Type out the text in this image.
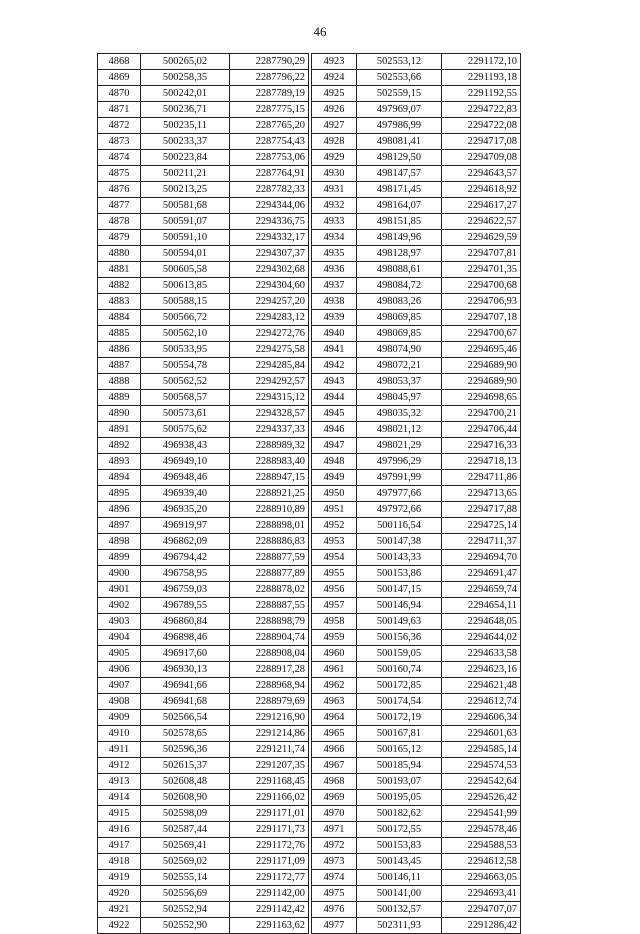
46
4868	500265,02	2287790,29
4869	500258,35	2287796,22
4870	500242,01	2287789,19
4871	500236,71	2287775,15
4872	500235,11	2287765,20
4873	500233,37	2287754,43
4874	500223,84	2287753,06
4875	500211,21	2287764,91
4876	500213,25	2287782,33
4877	500581,68	2294344,06
4878	500591,07	2294336,75
4879	500591,10	2294332,17
4880	500594,01	2294307,37
4881	500605,58	2294302,68
4882	500613,85	2294304,60
4883	500588,15	2294257,20
4884	500566,72	2294283,12
4885	500562,10	2294272,76
4886	500533,95	2294275,58
4887	500554,78	2294285,84
4888	500562,52	2294292,57
4889	500568,57	2294315,12
4890	500573,61	2294328,57
4891	500575,62	2294337,33
4892	496938,43	2288989,32
4893	496949,10	2288983,40
4894	496948,46	2288947,15
4895	496939,40	2288921,25
4896	496935,20	2288910,89
4897	496919,97	2288898,01
4898	496862,09	2288886,83
4899	496794,42	2288877,59
4900	496758,95	2288877,89
4901	496759,03	2288878,02
4902	496789,55	2288887,55
4903	496860,84	2288898,79
4904	496898,46	2288904,74
4905	496917,60	2288908,04
4906	496930,13	2288917,28
4907	496941,66	2288968,94
4908	496941,68	2288979,69
4909	502566,54	2291216,90
4910	502578,65	2291214,86
4911	502596,36	2291211,74
4912	502615,37	2291207,35
4913	502608,48	2291168,45
4914	502608,90	2291166,02
4915	502598,09	2291171,01
4916	502587,44	2291171,73
4917	502569,41	2291172,76
4918	502569,02	2291171,09
4919	502555,14	2291172,77
4920	502556,69	2291142,00
4921	502552,94	2291142,42
4922	502552,90	2291163,62
4923	502553,12	2291172,10
4924	502553,66	2291193,18
4925	502559,15	2291192,55
4926	497969,07	2294722,83
4927	497986,99	2294722,08
4928	498081,41	2294717,08
4929	498129,50	2294709,08
4930	498147,57	2294643,57
4931	498171,45	2294618,92
4932	498164,07	2294617,27
4933	498151,85	2294622,57
4934	498149,96	2294629,59
4935	498128,97	2294707,81
4936	498088,61	2294701,35
4937	498084,72	2294700,68
4938	498083,26	2294706,93
4939	498069,85	2294707,18
4940	498069,85	2294700,67
4941	498074,90	2294695,46
4942	498072,21	2294689,90
4943	498053,37	2294689,90
4944	498045,97	2294698,65
4945	498035,32	2294700,21
4946	498021,12	2294706,44
4947	498021,29	2294716,33
4948	497996,29	2294718,13
4949	497991,99	2294711,86
4950	497977,66	2294713,65
4951	497972,66	2294717,88
4952	500116,54	2294725,14
4953	500147,38	2294711,37
4954	500143,33	2294694,70
4955	500153,86	2294691,47
4956	500147,15	2294659,74
4957	500146,94	2294654,11
4958	500149,63	2294648,05
4959	500156,36	2294644,02
4960	500159,05	2294633,58
4961	500160,74	2294623,16
4962	500172,85	2294621,48
4963	500174,54	2294612,74
4964	500172,19	2294606,34
4965	500167,81	2294601,63
4966	500165,12	2294585,14
4967	500185,94	2294574,53
4968	500193,07	2294542,64
4969	500195,05	2294526,42
4970	500182,62	2294541,99
4971	500172,55	2294578,46
4972	500153,83	2294588,53
4973	500143,45	2294612,58
4974	500146,11	2294663,05
4975	500141,00	2294693,41
4976	500132,57	2294707,07
4977	502311,93	2291286,42
